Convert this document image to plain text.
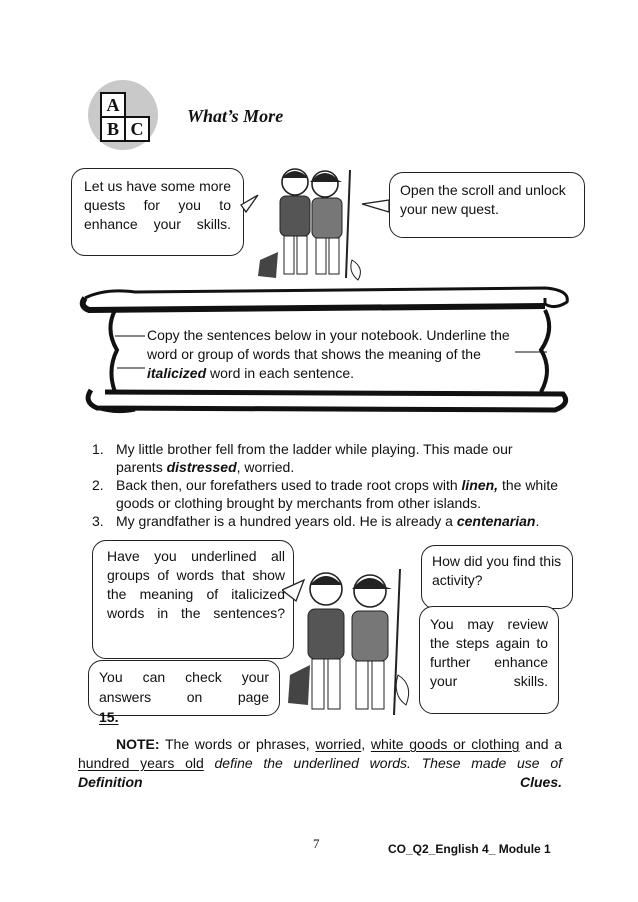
A
B C
What’s More
Let us have some more quests for you to enhance your skills.
Open the scroll and unlock your new quest.
Copy the sentences below in your notebook. Underline the word or group of words that shows the meaning of the italicized word in each sentence.
1. My little brother fell from the ladder while playing. This made our parents distressed, worried.
2. Back then, our forefathers used to trade root crops with linen, the white goods or clothing brought by merchants from other islands.
3. My grandfather is a hundred years old. He is already a centenarian.
Have you underlined all groups of words that show the meaning of italicized words in the sentences?
How did you find this activity?
You may review the steps again to further enhance your skills.
You can check your answers on page
15.
NOTE: The words or phrases, worried, white goods or clothing and a hundred years old define the underlined words. These made use of Definition Clues.
7	CO_Q2_English 4_ Module 1
